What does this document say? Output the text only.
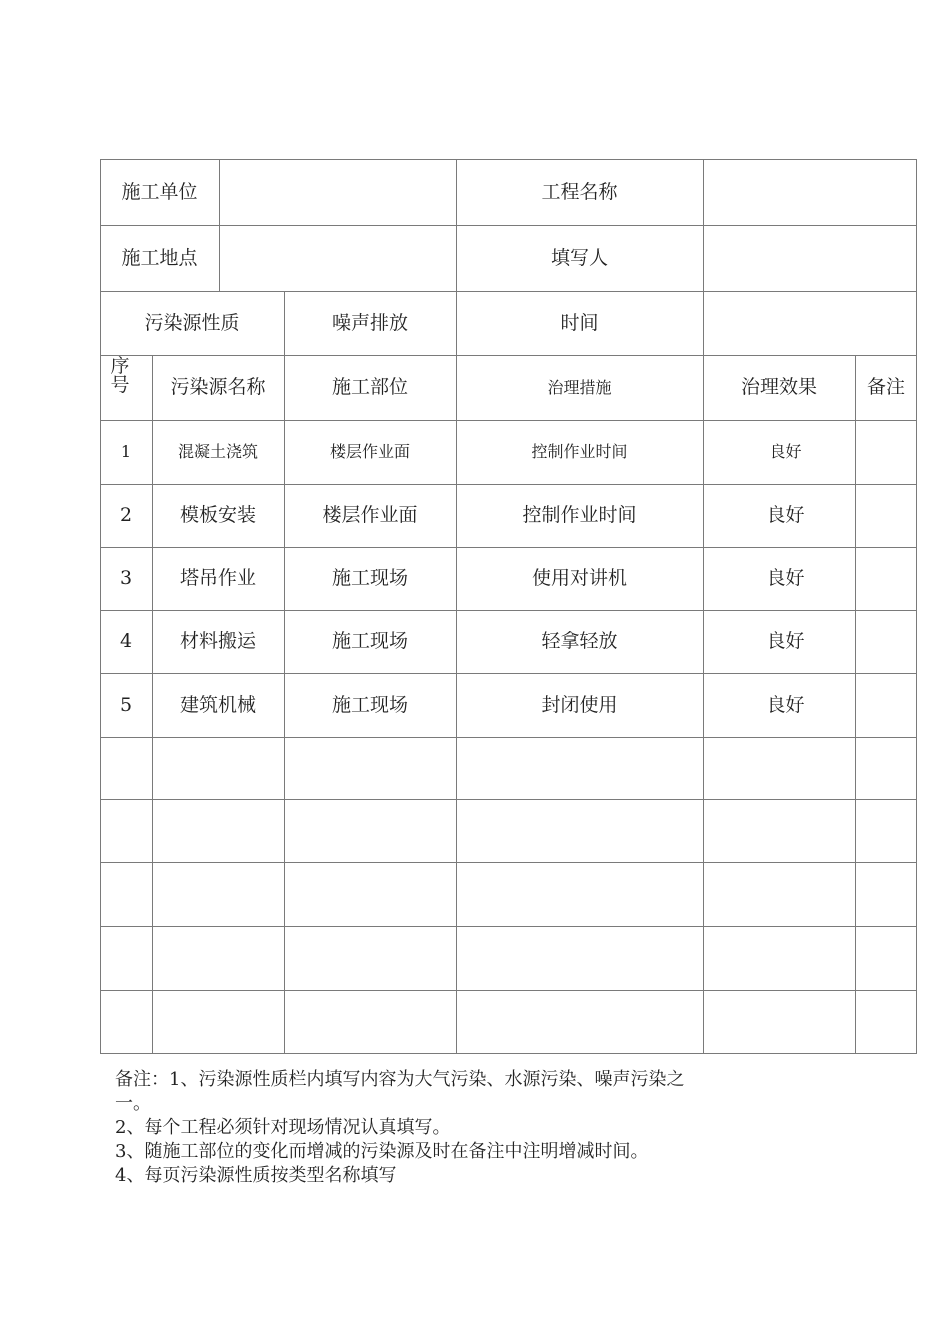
施工单位	工程名称
施工地点	填写人
污染源性质	噪声排放	时间
序号	污染源名称	施工部位	治理措施	治理效果	备注
1	混凝土浇筑	楼层作业面	控制作业时间	良好
2	模板安装	楼层作业面	控制作业时间	良好
3	塔吊作业	施工现场	使用对讲机	良好
4	材料搬运	施工现场	轻拿轻放	良好
5	建筑机械	施工现场	封闭使用	良好
备注：1、污染源性质栏内填写内容为大气污染、水源污染、噪声污染之
一。
2、每个工程必须针对现场情况认真填写。
3、随施工部位的变化而增减的污染源及时在备注中注明增减时间。
4、每页污染源性质按类型名称填写
